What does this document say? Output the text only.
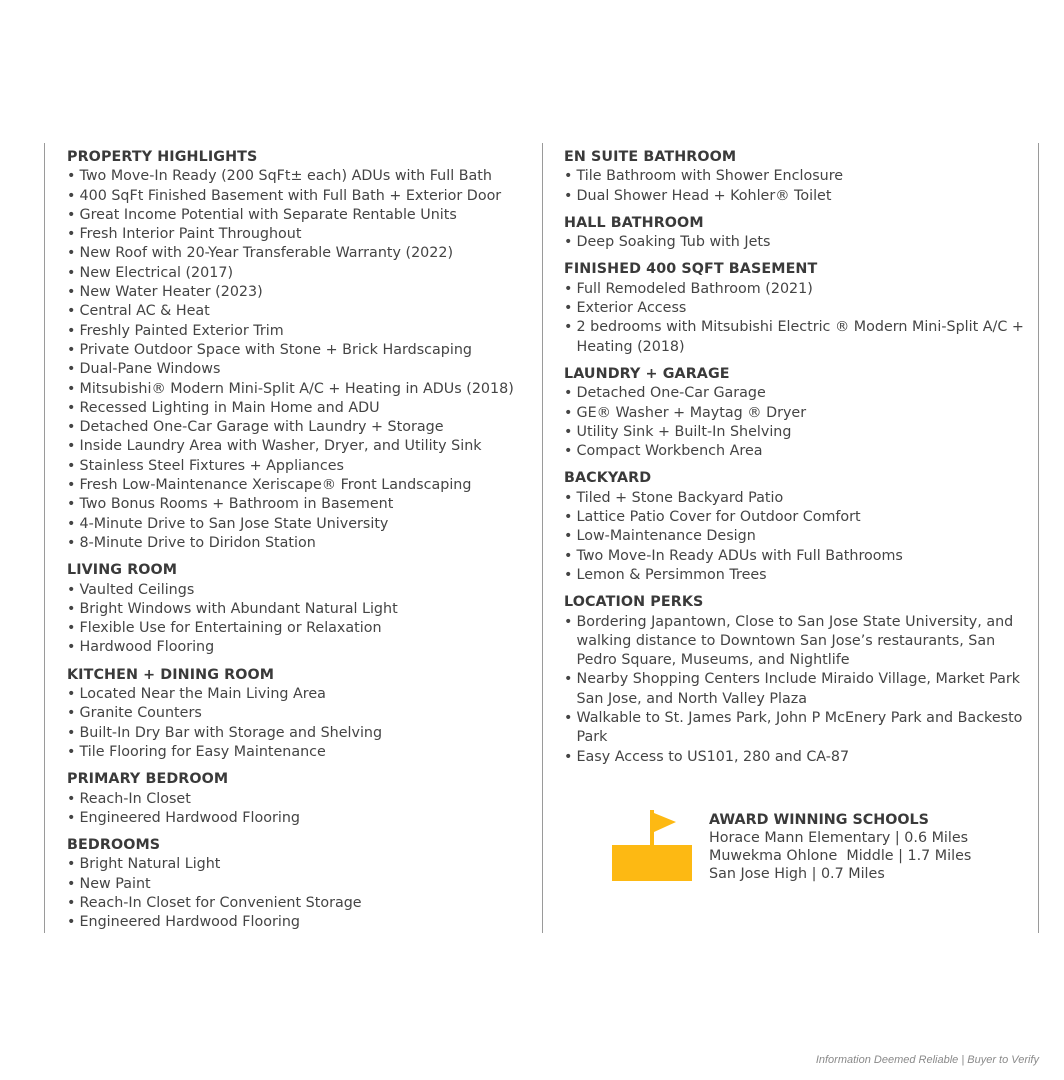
PROPERTY HIGHLIGHTS
• Two Move-In Ready (200 SqFt± each) ADUs with Full Bath
• 400 SqFt Finished Basement with Full Bath + Exterior Door
• Great Income Potential with Separate Rentable Units
• Fresh Interior Paint Throughout
• New Roof with 20-Year Transferable Warranty (2022)
• New Electrical (2017)
• New Water Heater (2023)
• Central AC & Heat
• Freshly Painted Exterior Trim
• Private Outdoor Space with Stone + Brick Hardscaping
• Dual-Pane Windows
• Mitsubishi® Modern Mini-Split A/C + Heating in ADUs (2018)
• Recessed Lighting in Main Home and ADU
• Detached One-Car Garage with Laundry + Storage
• Inside Laundry Area with Washer, Dryer, and Utility Sink
• Stainless Steel Fixtures + Appliances
• Fresh Low-Maintenance Xeriscape® Front Landscaping
• Two Bonus Rooms + Bathroom in Basement
• 4-Minute Drive to San Jose State University
• 8-Minute Drive to Diridon Station
LIVING ROOM
• Vaulted Ceilings
• Bright Windows with Abundant Natural Light
• Flexible Use for Entertaining or Relaxation
• Hardwood Flooring
KITCHEN + DINING ROOM
• Located Near the Main Living Area
• Granite Counters
• Built-In Dry Bar with Storage and Shelving
• Tile Flooring for Easy Maintenance
PRIMARY BEDROOM
• Reach-In Closet
• Engineered Hardwood Flooring
BEDROOMS
• Bright Natural Light
• New Paint
• Reach-In Closet for Convenient Storage
• Engineered Hardwood Flooring
EN SUITE BATHROOM
• Tile Bathroom with Shower Enclosure
• Dual Shower Head + Kohler® Toilet
HALL BATHROOM
• Deep Soaking Tub with Jets
FINISHED 400 SQFT BASEMENT
• Full Remodeled Bathroom (2021)
• Exterior Access
• 2 bedrooms with Mitsubishi Electric ® Modern Mini-Split A/C + Heating (2018)
LAUNDRY + GARAGE
• Detached One-Car Garage
• GE® Washer + Maytag ® Dryer
• Utility Sink + Built-In Shelving
• Compact Workbench Area
BACKYARD
• Tiled + Stone Backyard Patio
• Lattice Patio Cover for Outdoor Comfort
• Low-Maintenance Design
• Two Move-In Ready ADUs with Full Bathrooms
• Lemon & Persimmon Trees
LOCATION PERKS
• Bordering Japantown, Close to San Jose State University, and walking distance to Downtown San Jose’s restaurants, San Pedro Square, Museums, and Nightlife
• Nearby Shopping Centers Include Miraido Village, Market Park San Jose, and North Valley Plaza
• Walkable to St. James Park, John P McEnery Park and Backesto Park
• Easy Access to US101, 280 and CA-87
AWARD WINNING SCHOOLS
Horace Mann Elementary | 0.6 Miles
Muwekma Ohlone  Middle | 1.7 Miles
San Jose High | 0.7 Miles
Information Deemed Reliable | Buyer to Verify
